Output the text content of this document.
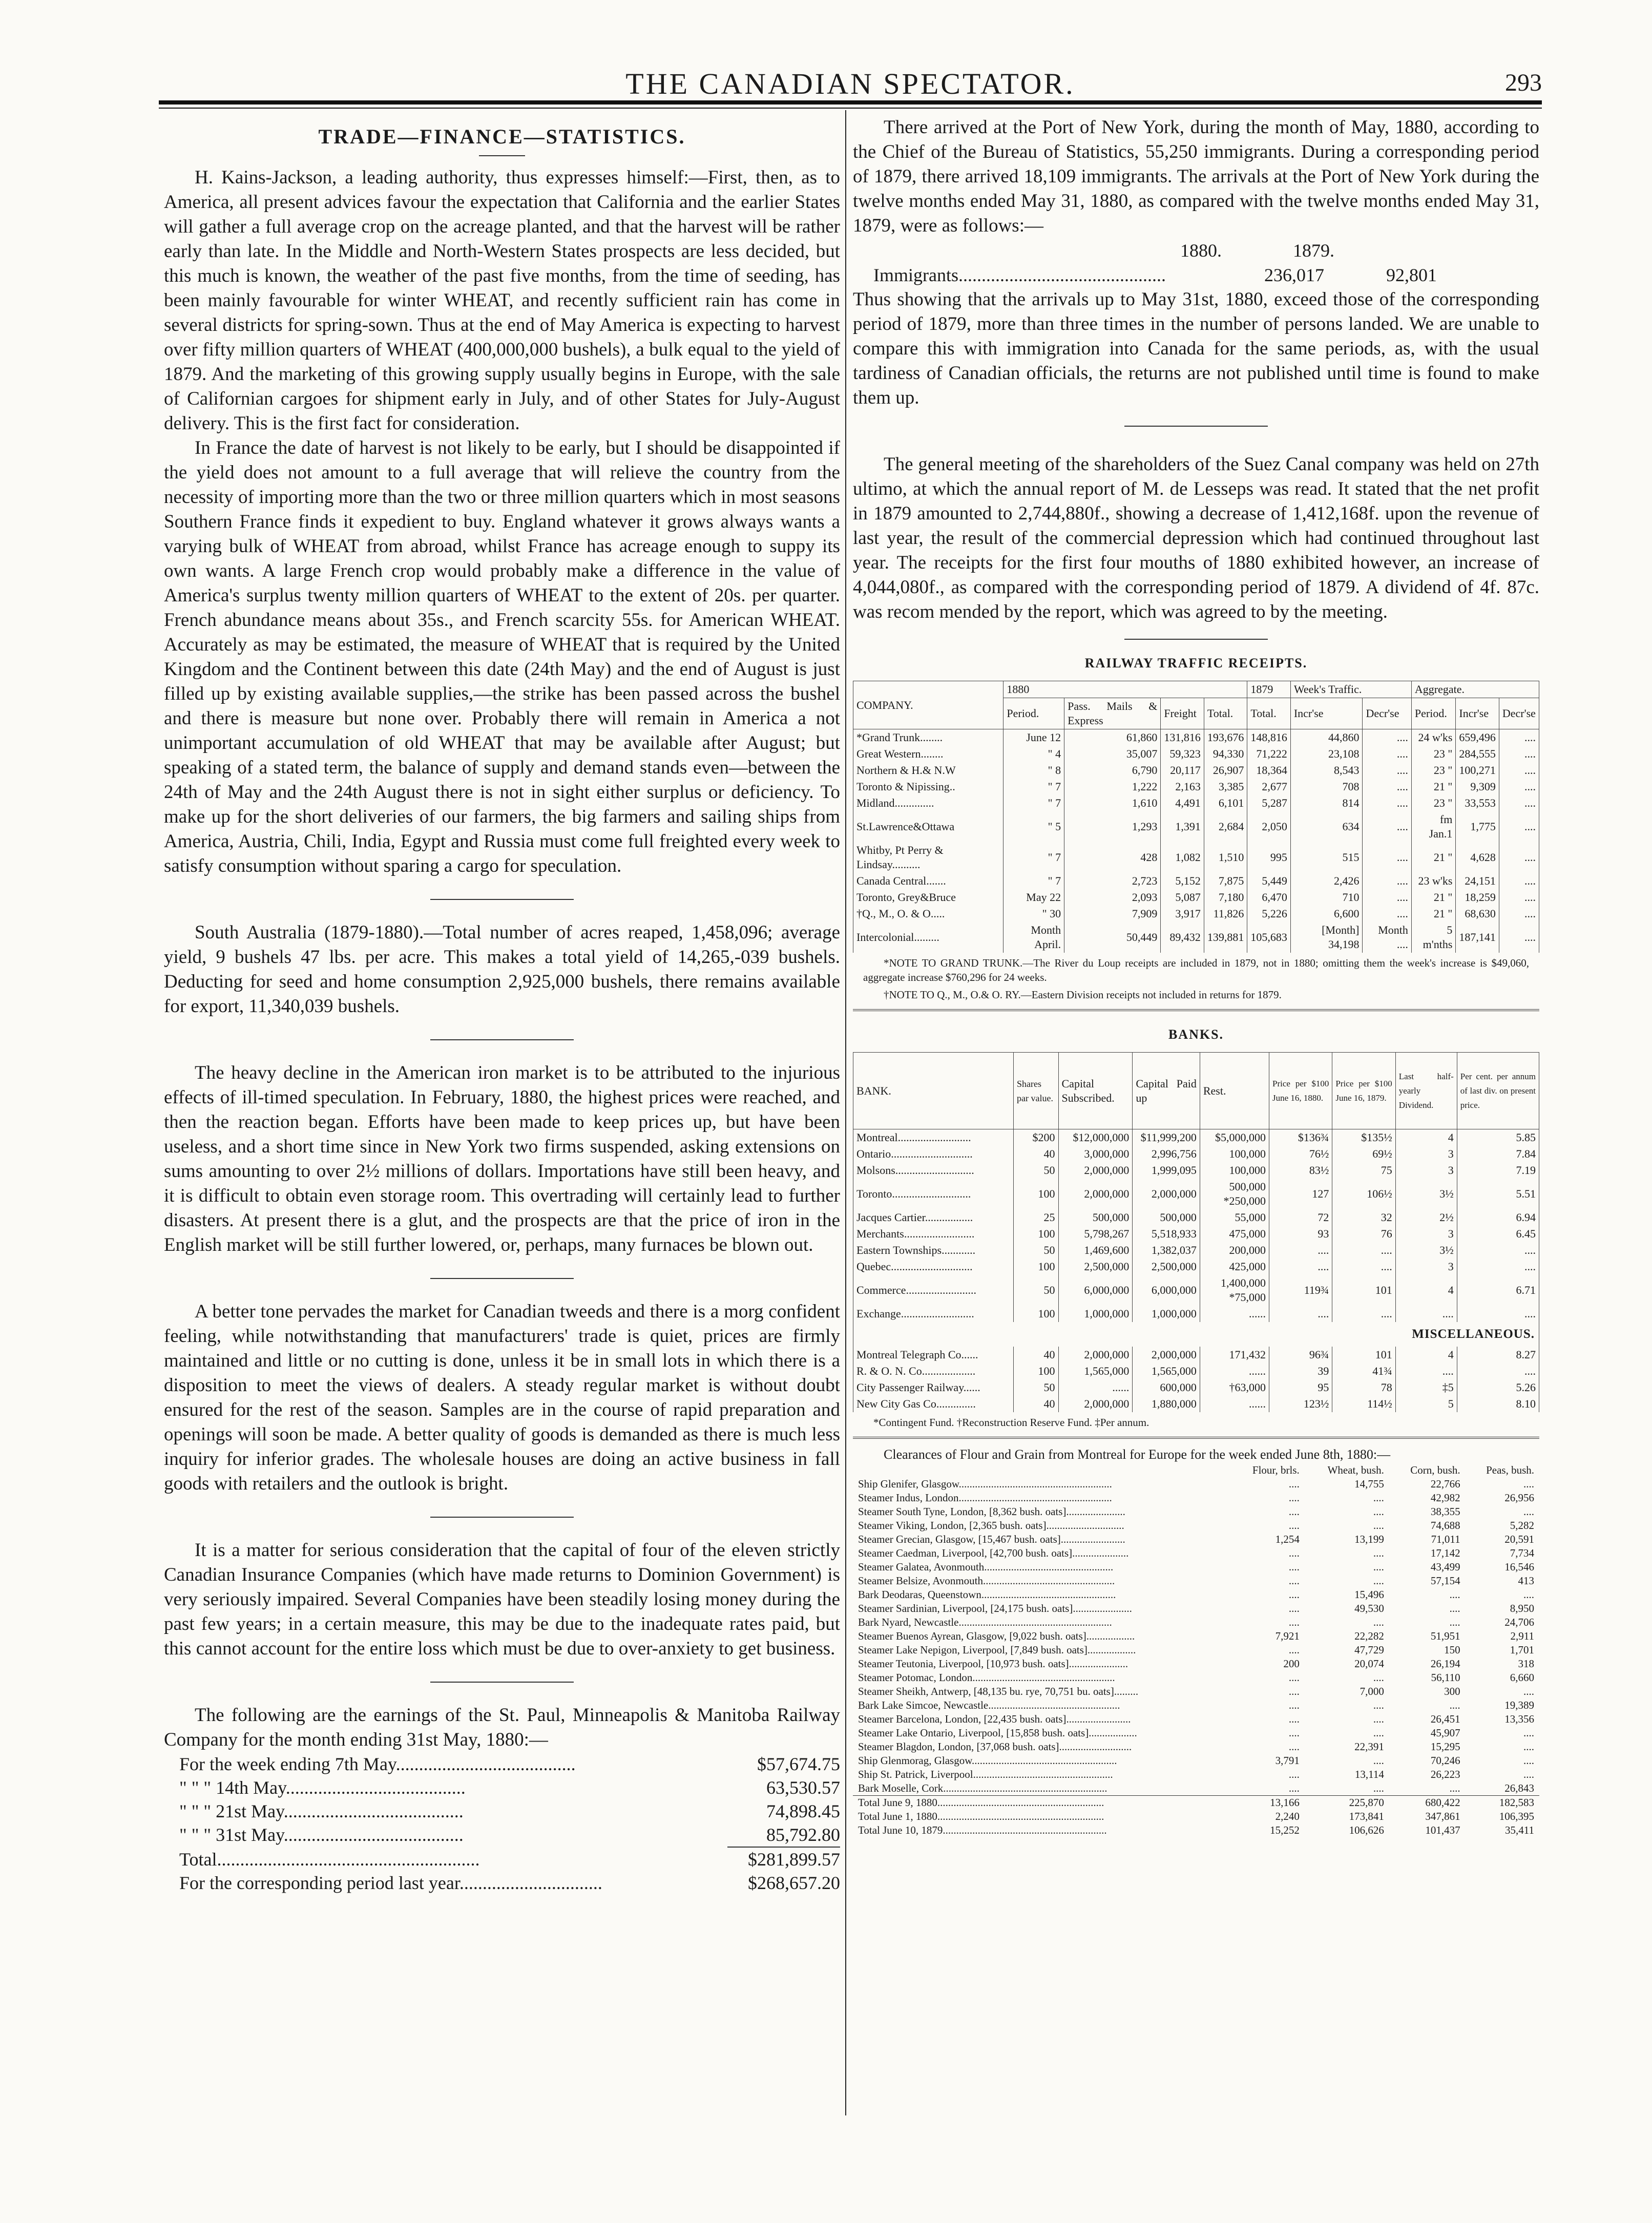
THE CANADIAN SPECTATOR.	293
TRADE—FINANCE—STATISTICS.

H. Kains-Jackson, a leading authority, thus expresses himself:—First, then, as to America, all present advices favour the expectation that California and the earlier States will gather a full average crop on the acreage planted, and that the harvest will be rather early than late. In the Middle and North-Western States prospects are less decided, but this much is known, the weather of the past five months, from the time of seeding, has been mainly favourable for winter WHEAT, and recently sufficient rain has come in several districts for spring-sown. Thus at the end of May America is expecting to harvest over fifty million quarters of WHEAT (400,000,000 bushels), a bulk equal to the yield of 1879. And the marketing of this growing supply usually begins in Europe, with the sale of Californian cargoes for shipment early in July, and of other States for July-August delivery. This is the first fact for consideration.

In France the date of harvest is not likely to be early, but I should be disappointed if the yield does not amount to a full average that will relieve the country from the necessity of importing more than the two or three million quarters which in most seasons Southern France finds it expedient to buy. England whatever it grows always wants a varying bulk of WHEAT from abroad, whilst France has acreage enough to suppy its own wants. A large French crop would probably make a difference in the value of America's surplus twenty million quarters of WHEAT to the extent of 20s. per quarter. French abundance means about 35s., and French scarcity 55s. for American WHEAT. Accurately as may be estimated, the measure of WHEAT that is required by the United Kingdom and the Continent between this date (24th May) and the end of August is just filled up by existing available supplies,—the strike has been passed across the bushel and there is measure but none over. Probably there will remain in America a not unimportant accumulation of old WHEAT that may be available after August; but speaking of a stated term, the balance of supply and demand stands even—between the 24th of May and the 24th August there is not in sight either surplus or deficiency. To make up for the short deliveries of our farmers, the big farmers and sailing ships from America, Austria, Chili, India, Egypt and Russia must come full freighted every week to satisfy consumption without sparing a cargo for speculation.

South Australia (1879-1880).—Total number of acres reaped, 1,458,096; average yield, 9 bushels 47 lbs. per acre. This makes a total yield of 14,265,-039 bushels. Deducting for seed and home consumption 2,925,000 bushels, there remains available for export, 11,340,039 bushels.

The heavy decline in the American iron market is to be attributed to the injurious effects of ill-timed speculation. In February, 1880, the highest prices were reached, and then the reaction began. Efforts have been made to keep prices up, but have been useless, and a short time since in New York two firms suspended, asking extensions on sums amounting to over 2½ millions of dollars. Importations have still been heavy, and it is difficult to obtain even storage room. This overtrading will certainly lead to further disasters. At present there is a glut, and the prospects are that the price of iron in the English market will be still further lowered, or, perhaps, many furnaces be blown out.

A better tone pervades the market for Canadian tweeds and there is a morg confident feeling, while notwithstanding that manufacturers' trade is quiet, prices are firmly maintained and little or no cutting is done, unless it be in small lots in which there is a disposition to meet the views of dealers. A steady regular market is without doubt ensured for the rest of the season. Samples are in the course of rapid preparation and openings will soon be made. A better quality of goods is demanded as there is much less inquiry for inferior grades. The wholesale houses are doing an active business in fall goods with retailers and the outlook is bright.

It is a matter for serious consideration that the capital of four of the eleven strictly Canadian Insurance Companies (which have made returns to Dominion Government) is very seriously impaired. Several Companies have been steadily losing money during the past few years; in a certain measure, this may be due to the inadequate rates paid, but this cannot account for the entire loss which must be due to over-anxiety to get business.

The following are the earnings of the St. Paul, Minneapolis & Manitoba Railway Company for the month ending 31st May, 1880:—

For the week ending 7th May.......................................	$57,674.75
" " " 14th May.......................................	63,530.57
" " " 21st May.......................................	74,898.45
" " " 31st May.......................................	85,792.80
Total.........................................................	$281,899.57
For the corresponding period last year...............................	$268,657.20

There arrived at the Port of New York, during the month of May, 1880, according to the Chief of the Bureau of Statistics, 55,250 immigrants. During a corresponding period of 1879, there arrived 18,109 immigrants. The arrivals at the Port of New York during the twelve months ended May 31, 1880, as compared with the twelve months ended May 31, 1879, were as follows:—

1880.	1879.
Immigrants.............................................	236,017	92,801

Thus showing that the arrivals up to May 31st, 1880, exceed those of the corresponding period of 1879, more than three times in the number of persons landed. We are unable to compare this with immigration into Canada for the same periods, as, with the usual tardiness of Canadian officials, the returns are not published until time is found to make them up.

The general meeting of the shareholders of the Suez Canal company was held on 27th ultimo, at which the annual report of M. de Lesseps was read. It stated that the net profit in 1879 amounted to 2,744,880f., showing a decrease of 1,412,168f. upon the revenue of last year, the result of the commercial depression which had continued throughout last year. The receipts for the first four mouths of 1880 exhibited however, an increase of 4,044,080f., as compared with the corresponding period of 1879. A dividend of 4f. 87c. was recom mended by the report, which was agreed to by the meeting.

RAILWAY TRAFFIC RECEIPTS.
COMPANY.	1880				1879	Week's Traffic.		Aggregate.		
	Period.	Pass. Mails & Express	Freight	Total.	Total.	Incr'se	Decr'se	Period.	Incr'se	Decr'se
*Grand Trunk........	June 12	61,860	131,816	193,676	148,816	44,860	....	24 w'ks	659,496	....
Great Western........	" 4	35,007	59,323	94,330	71,222	23,108	....	23 "	284,555	....
Northern & H.& N.W	" 8	6,790	20,117	26,907	18,364	8,543	....	23 "	100,271	....
Toronto & Nipissing..	" 7	1,222	2,163	3,385	2,677	708	....	21 "	9,309	....
Midland..............	" 7	1,610	4,491	6,101	5,287	814	....	23 "	33,553	....
St.Lawrence&Ottawa	" 5	1,293	1,391	2,684	2,050	634	....	fm Jan.1	1,775	....
Whitby, Pt Perry & Lindsay..........	" 7	428	1,082	1,510	995	515	....	21 "	4,628	....
Canada Central.......	" 7	2,723	5,152	7,875	5,449	2,426	....	23 w'ks	24,151	....
Toronto, Grey&Bruce	May 22	2,093	5,087	7,180	6,470	710	....	21 "	18,259	....
†Q., M., O. & O.....	" 30	7,909	3,917	11,826	5,226	6,600	....	21 "	68,630	....
Intercolonial.........	Month April.	50,449	89,432	139,881	105,683	[Month] 34,198	Month ....	5 m'nths	187,141	....
*NOTE TO GRAND TRUNK.—The River du Loup receipts are included in 1879, not in 1880; omitting them the week's increase is $49,060, aggregate increase $760,296 for 24 weeks.
†NOTE TO Q., M., O.& O. RY.—Eastern Division receipts not included in returns for 1879.
BANKS.
BANK.	Shares par value.	Capital Subscribed.	Capital Paid up	Rest.	Price per $100 June 16, 1880.	Price per $100 June 16, 1879.	Last half-yearly Dividend.	Per cent. per annum of last div. on present price.
Montreal..........................	$200	$12,000,000	$11,999,200	$5,000,000	$136¾	$135½	4	5.85
Ontario.............................	40	3,000,000	2,996,756	100,000	76½	69½	3	7.84
Molsons............................	50	2,000,000	1,999,095	100,000	83½	75	3	7.19
Toronto............................	100	2,000,000	2,000,000	500,000 *250,000	127	106½	3½	5.51
Jacques Cartier.................	25	500,000	500,000	55,000	72	32	2½	6.94
Merchants.........................	100	5,798,267	5,518,933	475,000	93	76	3	6.45
Eastern Townships............	50	1,469,600	1,382,037	200,000	....	....	3½	....
Quebec.............................	100	2,500,000	2,500,000	425,000	....	....	3	....
Commerce.........................	50	6,000,000	6,000,000	1,400,000 *75,000	119¾	101	4	6.71
Exchange..........................	100	1,000,000	1,000,000	......	....	....	....	....
MISCELLANEOUS.								
Montreal Telegraph Co......	40	2,000,000	2,000,000	171,432	96¾	101	4	8.27
R. & O. N. Co...................	100	1,565,000	1,565,000	......	39	41¾	....	....
City Passenger Railway......	50	......	600,000	†63,000	95	78	‡5	5.26
New City Gas Co..............	40	2,000,000	1,880,000	......	123½	114½	5	8.10
*Contingent Fund. †Reconstruction Reserve Fund. ‡Per annum.

Clearances of Flour and Grain from Montreal for Europe for the week ended June 8th, 1880:—

	Flour, brls.	Wheat, bush.	Corn, bush.	Peas, bush.
Ship Glenifer, Glasgow.........................................................	....	14,755	22,766	....
Steamer Indus, London.........................................................	....	....	42,982	26,956
Steamer South Tyne, London, [8,362 bush. oats]......................	....	....	38,355	....
Steamer Viking, London, [2,365 bush. oats].............................	....	....	74,688	5,282
Steamer Grecian, Glasgow, [15,467 bush. oats]........................	1,254	13,199	71,011	20,591
Steamer Caedman, Liverpool, [42,700 bush. oats].....................	....	....	17,142	7,734
Steamer Galatea, Avonmouth................................................	....	....	43,499	16,546
Steamer Belsize, Avonmouth.................................................	....	....	57,154	413
Bark Deodaras, Queenstown..................................................	....	15,496	....	....
Steamer Sardinian, Liverpool, [24,175 bush. oats]......................	....	49,530	....	8,950
Bark Nyard, Newcastle.........................................................	....	....	....	24,706
Steamer Buenos Ayrean, Glasgow, [9,022 bush. oats]..................	7,921	22,282	51,951	2,911
Steamer Lake Nepigon, Liverpool, [7,849 bush. oats]..................	....	47,729	150	1,701
Steamer Teutonia, Liverpool, [10,973 bush. oats]......................	200	20,074	26,194	318
Steamer Potomac, London.....................................................	....	....	56,110	6,660
Steamer Sheikh, Antwerp, [48,135 bu. rye, 70,751 bu. oats].........	....	7,000	300	....
Bark Lake Simcoe, Newcastle.................................................	....	....	....	19,389
Steamer Barcelona, London, [22,435 bush. oats]........................	....	....	26,451	13,356
Steamer Lake Ontario, Liverpool, [15,858 bush. oats]..................	....	....	45,907	....
Steamer Blagdon, London, [37,068 bush. oats]...........................	....	22,391	15,295	....
Ship Glenmorag, Glasgow......................................................	3,791	....	70,246	....
Ship St. Patrick, Liverpool....................................................	....	13,114	26,223	....
Bark Moselle, Cork.............................................................	....	....	....	26,843
Total June 9, 1880..............................................................	13,166	225,870	680,422	182,583
Total June 1, 1880..............................................................	2,240	173,841	347,861	106,395
Total June 10, 1879.............................................................	15,252	106,626	101,437	35,411
